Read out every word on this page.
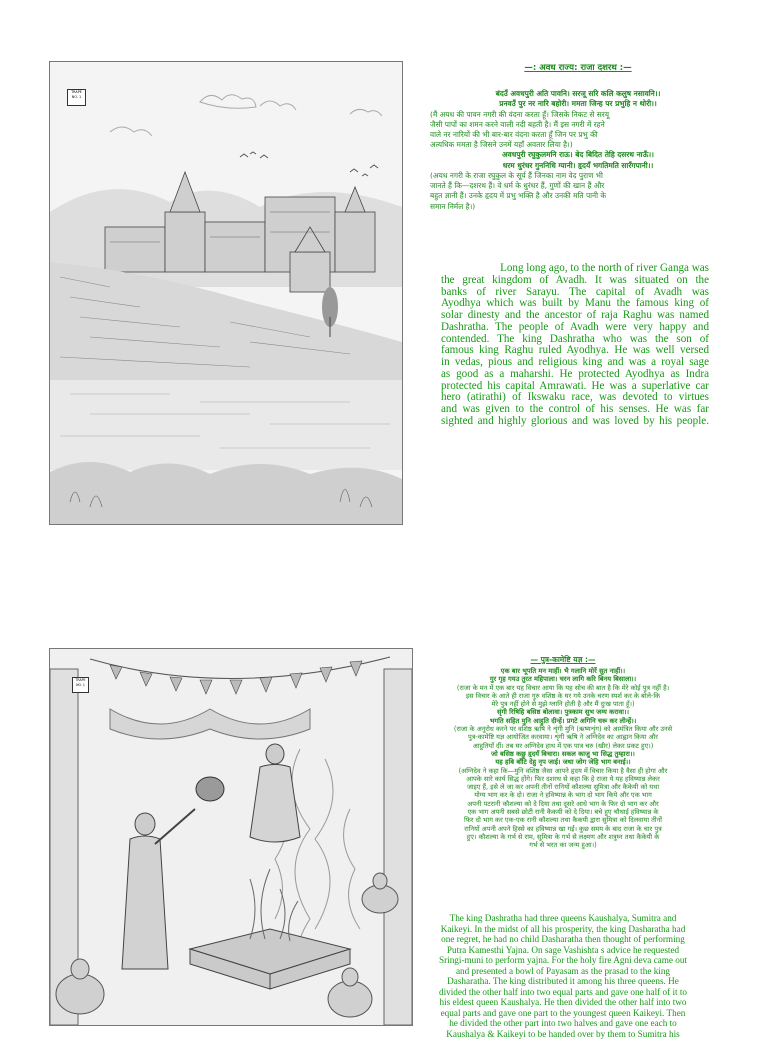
TRAPE
NO. 1
TRAPE
NO. 1
—: अवध राज्य: राजा दशरथ :—
बंदउँ अवधपुरी अति पावनि। सरजू सरि कलि कलुष नसावनि।।
प्रनवउँ पुर नर नारि बहोरी। ममता जिन्ह पर प्रभुहि न थोरी।।
(मैं अयध की पावन नगरी की वंदना करता हूँ। जिसके निकट से सरयू
जैसी पापों का शमन करने वाली नदी बहती है। मैं इस नगरी में रहने
वाले नर नारियों की भी बार-बार वंदना करता हूँ जिन पर प्रभु की
अत्यधिक ममता है जिसने उनमें यहाँ अवतार लिया है।)
अवधपुरी रघुकुलमनि राऊ। बेद बिदित तेहि दसरथ नाऊँ।।
धरम धुरंधर गुननिधि ग्यानी। हृदयँ भगतिमति सारँगपानी।।
(अयध नगरी के राजा रघुकुल के सूर्य हैं जिनका नाम वेद पुराण भी
जानते हैं कि—दशरथ हैं। वे धर्म के धुरंधर हैं, गुणों की खान हैं और
बहुत ज्ञानी हैं। उनके हृदय में प्रभु भक्ति है और उनकी मति पानी के
समान निर्मल है।)
Long long ago, to the north of river Ganga was
the great kingdom of Avadh. It was situated on the
banks of river Sarayu. The capital of Avadh was
Ayodhya which was built by Manu the famous king of
solar dinesty and the ancestor of raja Raghu was named
Dashratha. The people of Avadh were very happy and
contended. The king Dashratha who was the son of
famous king Raghu ruled Ayodhya. He was well versed
in vedas, pious and religious king and was a royal sage
as good as a maharshi. He protected Ayodhya as Indra
protected his capital Amrawati. He was a superlative car
hero (atirathi) of Ikswaku race, was devoted to virtues
and was given to the control of his senses. He was far
sighted and highly glorious and was loved by his people.
— पुत्र-कामेष्टि यज्ञ :—
एक बार भूपति मन माहीं। भै गलानि मोरें सुत नाहीं।।
गुर गृह गयउ तुरत महिपाला। चरन लागि करि बिनय बिसाला।।
(राजा के मन में एक बार यह विचार आया कि यह सोच की बात है कि मेरे कोई पुत्र नहीं है।
इस विचार के आते ही राजा गुरु वशिष्ठ के घर गये उनके चरण स्पर्श कर के बोले-कि
मेरे पुत्र नहीं होने से मुझे ग्लानि होती है और मैं दुःख पाता हूँ।)
सृंगी रिषिहि बसिष्ठ बोलावा। पुत्रकाम सुभ जग्य करावा।।
भगति सहित मुनि आहुति दीन्हें। प्रगटे अगिनि चरू कर लीन्हें।।
(राजा के अनुरोध करने पर वशिष्ठ ऋषि ने शृंगी मुनि (ऋष्यशृंग) को आमंत्रित किया और उनसे
पुत्र-कामेष्टि यज्ञ आयोजित करवाया। शृंगी ऋषि ने अग्निदेव का आह्वान किया और
आहुतियाँ दीं। तब घर अग्निदेव हाथ में एक पात्र चरु (खीर) लेकर प्रकट हुए।)
जो बसिष्ठ कछु हृदयँ बिचारा। सकल काजु भा सिद्ध तुम्हारा।।
यह हबि बाँटि देहु नृप जाई। जथा जोग जेहि भाग बनाई।।
(अग्निदेव ने कहा कि—मुनि वशिष्ठ जैसा आपने हृदय में विचार किया है वैसा ही होगा और
आपके सारे कार्य सिद्ध होंगे। फिर दशरथ से कहा कि हे राजा ये यह हविष्यान्न लेकर
जाइए हैं, इसे ले जा कर अपनी तीनों रानियों कौशल्या सुमित्रा और कैकेयी को यथा
योग्य भाग कर के दो। राजा ने हविष्यान्न के भाग दो भाग किये और एक भाग
अपनी पटरानी कौशल्या को दे दिया तथा दूसरे आधे भाग के फिर दो भाग कर और
एक भाग अपनी सबसे छोटी रानी कैकयी को दे दिया। बचे हुए चौथाई हविष्यान्न के
फिर दो भाग कर एक-एक रानी कौशल्या तथा कैकयी द्वारा सुमित्रा को दिलवाया तीनों
रानियों अपनी अपने हिस्से का हविष्यान्न खा गईं। कुछ समय के बाद राजा के चार पुत्र
हुए। कौशल्या के गर्भ से राम, सुमित्रा के गर्भ से लक्ष्मण और शत्रुघ्न तथा कैकेयी के
गर्भ से भरत का जन्म हुआ।)
The king Dashratha had three queens Kaushalya, Sumitra and
Kaikeyi. In the midst of all his prosperity, the king Dasharatha had
one regret, he had no child Dasharatha then thought of performing
Putra Kamesthi Yajna. On sage Vashishta s advice he requested
Sringi-muni to perform yajna. For the holy fire Agni deva came out
and presented a bowl of Payasam as the prasad to the king
Dasharatha. The king distributed it among his three queens. He
divided the other half into two equal parts and gave one half of it to
his eldest queen Kaushalya. He then divided the other half into two
equal parts and gave one part to the youngest queen Kaikeyi. Then
he divided the other part into two halves and gave one each to
Kaushalya & Kaikeyi to be handed over by them to Sumitra his
